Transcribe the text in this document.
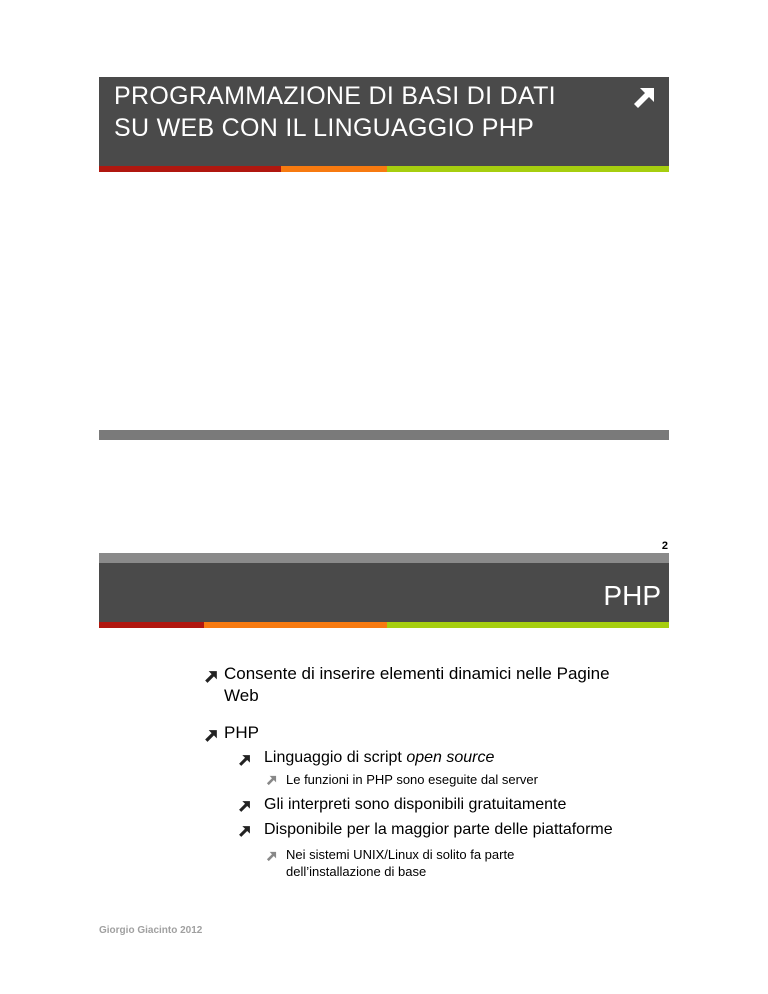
PROGRAMMAZIONE DI BASI DI DATI
SU WEB CON IL LINGUAGGIO PHP
2
PHP
Consente di inserire elementi dinamici nelle Pagine
Web
PHP
Linguaggio di script open source
Le funzioni in PHP sono eseguite dal server
Gli interpreti sono disponibili gratuitamente
Disponibile per la maggior parte delle piattaforme
Nei sistemi UNIX/Linux di solito fa parte
dell’installazione di base
Giorgio Giacinto 2012
